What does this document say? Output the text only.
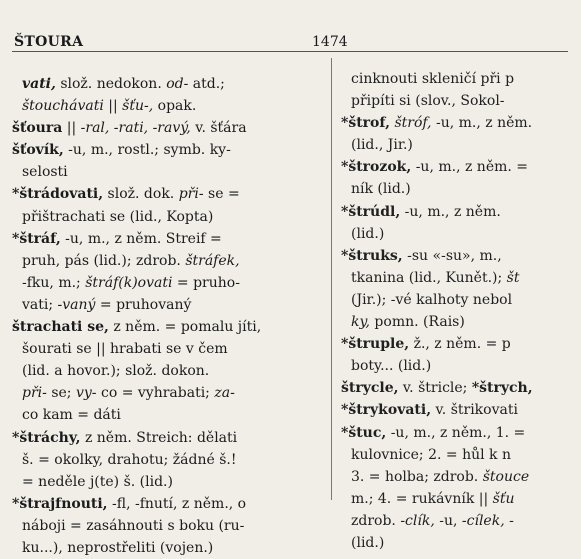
ŠTOURA	1474
vati, slož. nedokon. od- atd.;
štouchávati || šťu-, opak.
šťoura || -ral, -rati, -ravý, v. šťára
šťovík, -u, m., rostl.; symb. ky-
selosti
*štrádovati, slož. dok. při- se =
přištrachati se (lid., Kopta)
*štráf, -u, m., z něm. Streif =
pruh, pás (lid.); zdrob. štráfek,
-fku, m.; štráf(k)ovati = pruho-
vati; -vaný = pruhovaný
štrachati se, z něm. = pomalu jíti,
šourati se || hrabati se v čem
(lid. a hovor.); slož. dokon.
při- se; vy- co = vyhrabati; za-
co kam = dáti
*štráchy, z něm. Streich: dělati
š. = okolky, drahotu; žádné š.!
= neděle j(te) š. (lid.)
*štrajfnouti, -fl, -fnutí, z něm., o
náboji = zasáhnouti s boku (ru-
ku...), neprostřeliti (vojen.)
cinknouti skleničí při p
připíti si (slov., Sokol-
*štrof, štróf, -u, m., z něm.
(lid., Jir.)
*štrozok, -u, m., z něm. =
ník (lid.)
*štrúdl, -u, m., z něm.
(lid.)
*štruks, -su «-su», m.,
tkanina (lid., Kunět.); št
(Jir.); -vé kalhoty nebol
ky, pomn. (Rais)
*štruple, ž., z něm. = p
boty... (lid.)
štrycle, v. štricle; *štrych,
*štrykovati, v. štrikovati
*štuc, -u, m., z něm., 1. =
kulovnice; 2. = hůl k n
3. = holba; zdrob. štouce
m.; 4. = rukávník || šťu
zdrob. -clík, -u, -cílek, -
(lid.)
